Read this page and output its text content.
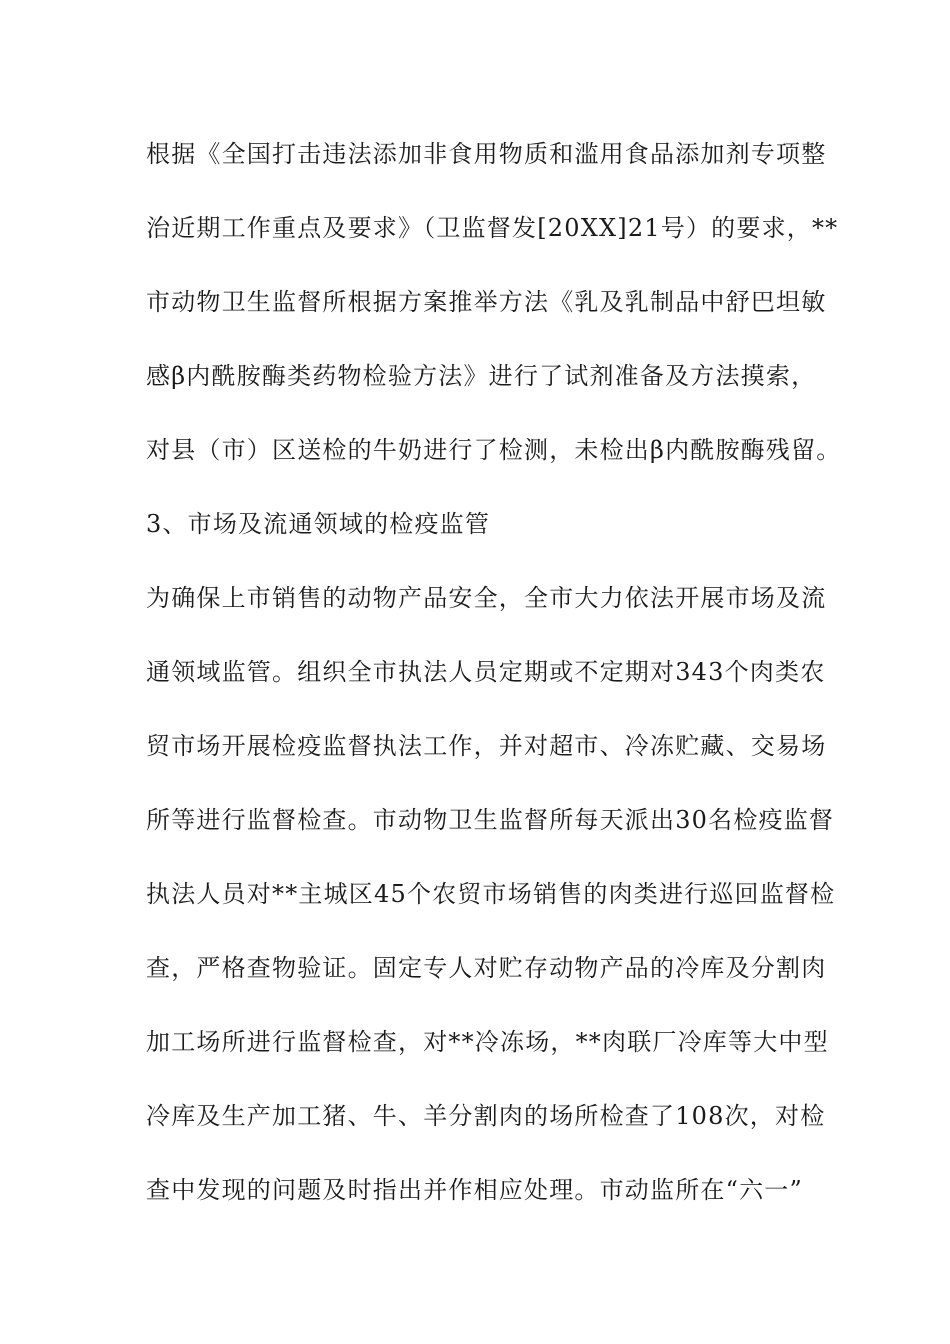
根据《全国打击违法添加非食用物质和滥用食品添加剂专项整
治近期工作重点及要求》（卫监督发[20XX]21号）的要求，**
市动物卫生监督所根据方案推举方法《乳及乳制品中舒巴坦敏
感β内酰胺酶类药物检验方法》进行了试剂准备及方法摸索，
对县（市）区送检的牛奶进行了检测，未检出β内酰胺酶残留。
3、市场及流通领域的检疫监管
为确保上市销售的动物产品安全，全市大力依法开展市场及流
通领域监管。组织全市执法人员定期或不定期对343个肉类农
贸市场开展检疫监督执法工作，并对超市、冷冻贮藏、交易场
所等进行监督检查。市动物卫生监督所每天派出30名检疫监督
执法人员对**主城区45个农贸市场销售的肉类进行巡回监督检
查，严格查物验证。固定专人对贮存动物产品的冷库及分割肉
加工场所进行监督检查，对**冷冻场，**肉联厂冷库等大中型
冷库及生产加工猪、牛、羊分割肉的场所检查了108次，对检
查中发现的问题及时指出并作相应处理。市动监所在“六一”
